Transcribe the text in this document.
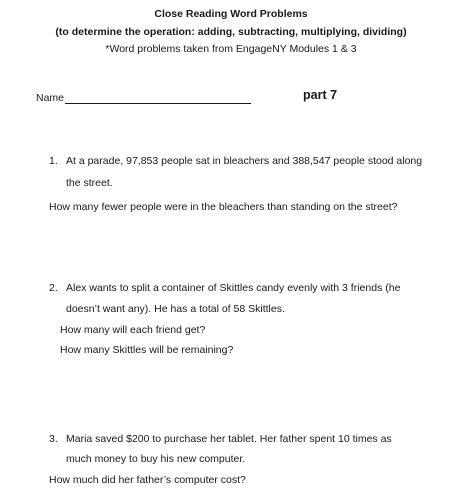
Close Reading Word Problems
(to determine the operation: adding, subtracting, multiplying, dividing)
*Word problems taken from EngageNY Modules 1 & 3
Name	part 7
1. At a parade, 97,853 people sat in bleachers and 388,547 people stood along
the street.
How many fewer people were in the bleachers than standing on the street?
2. Alex wants to split a container of Skittles candy evenly with 3 friends (he
doesn’t want any). He has a total of 58 Skittles.
How many will each friend get?
How many Skittles will be remaining?
3. Maria saved $200 to purchase her tablet. Her father spent 10 times as
much money to buy his new computer.
How much did her father’s computer cost?
